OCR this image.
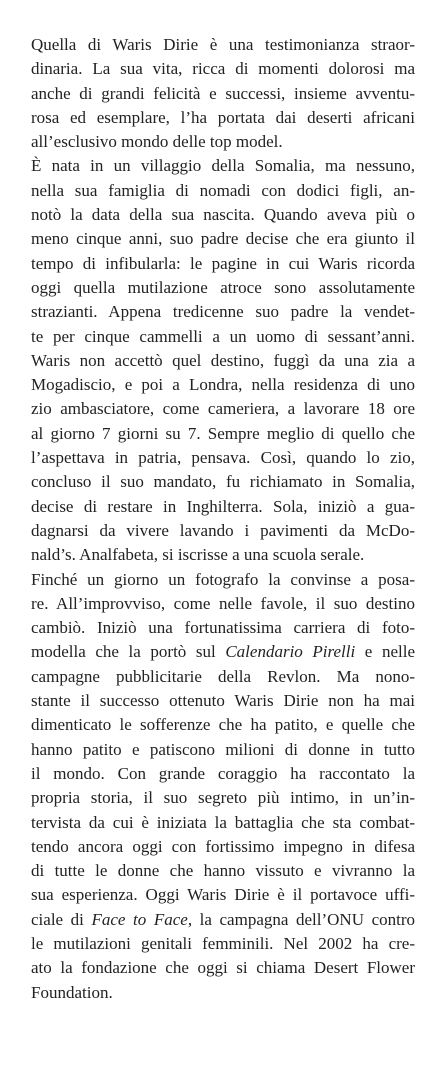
Quella di Waris Dirie è una testimonianza straor-
dinaria. La sua vita, ricca di momenti dolorosi ma
anche di grandi felicità e successi, insieme avventu-
rosa ed esemplare, l’ha portata dai deserti africani
all’esclusivo mondo delle top model.
È nata in un villaggio della Somalia, ma nessuno,
nella sua famiglia di nomadi con dodici figli, an-
notò la data della sua nascita. Quando aveva più o
meno cinque anni, suo padre decise che era giunto il
tempo di infibularla: le pagine in cui Waris ricorda
oggi quella mutilazione atroce sono assolutamente
strazianti. Appena tredicenne suo padre la vendet-
te per cinque cammelli a un uomo di sessant’anni.
Waris non accettò quel destino, fuggì da una zia a
Mogadiscio, e poi a Londra, nella residenza di uno
zio ambasciatore, come cameriera, a lavorare 18 ore
al giorno 7 giorni su 7. Sempre meglio di quello che
l’aspettava in patria, pensava. Così, quando lo zio,
concluso il suo mandato, fu richiamato in Somalia,
decise di restare in Inghilterra. Sola, iniziò a gua-
dagnarsi da vivere lavando i pavimenti da McDo-
nald’s. Analfabeta, si iscrisse a una scuola serale.
Finché un giorno un fotografo la convinse a posa-
re. All’improvviso, come nelle favole, il suo destino
cambiò. Iniziò una fortunatissima carriera di foto-
modella che la portò sul Calendario Pirelli e nelle
campagne pubblicitarie della Revlon. Ma nono-
stante il successo ottenuto Waris Dirie non ha mai
dimenticato le sofferenze che ha patito, e quelle che
hanno patito e patiscono milioni di donne in tutto
il mondo. Con grande coraggio ha raccontato la
propria storia, il suo segreto più intimo, in un’in-
tervista da cui è iniziata la battaglia che sta combat-
tendo ancora oggi con fortissimo impegno in difesa
di tutte le donne che hanno vissuto e vivranno la
sua esperienza. Oggi Waris Dirie è il portavoce uffi-
ciale di Face to Face, la campagna dell’ONU contro
le mutilazioni genitali femminili. Nel 2002 ha cre-
ato la fondazione che oggi si chiama Desert Flower
Foundation.
